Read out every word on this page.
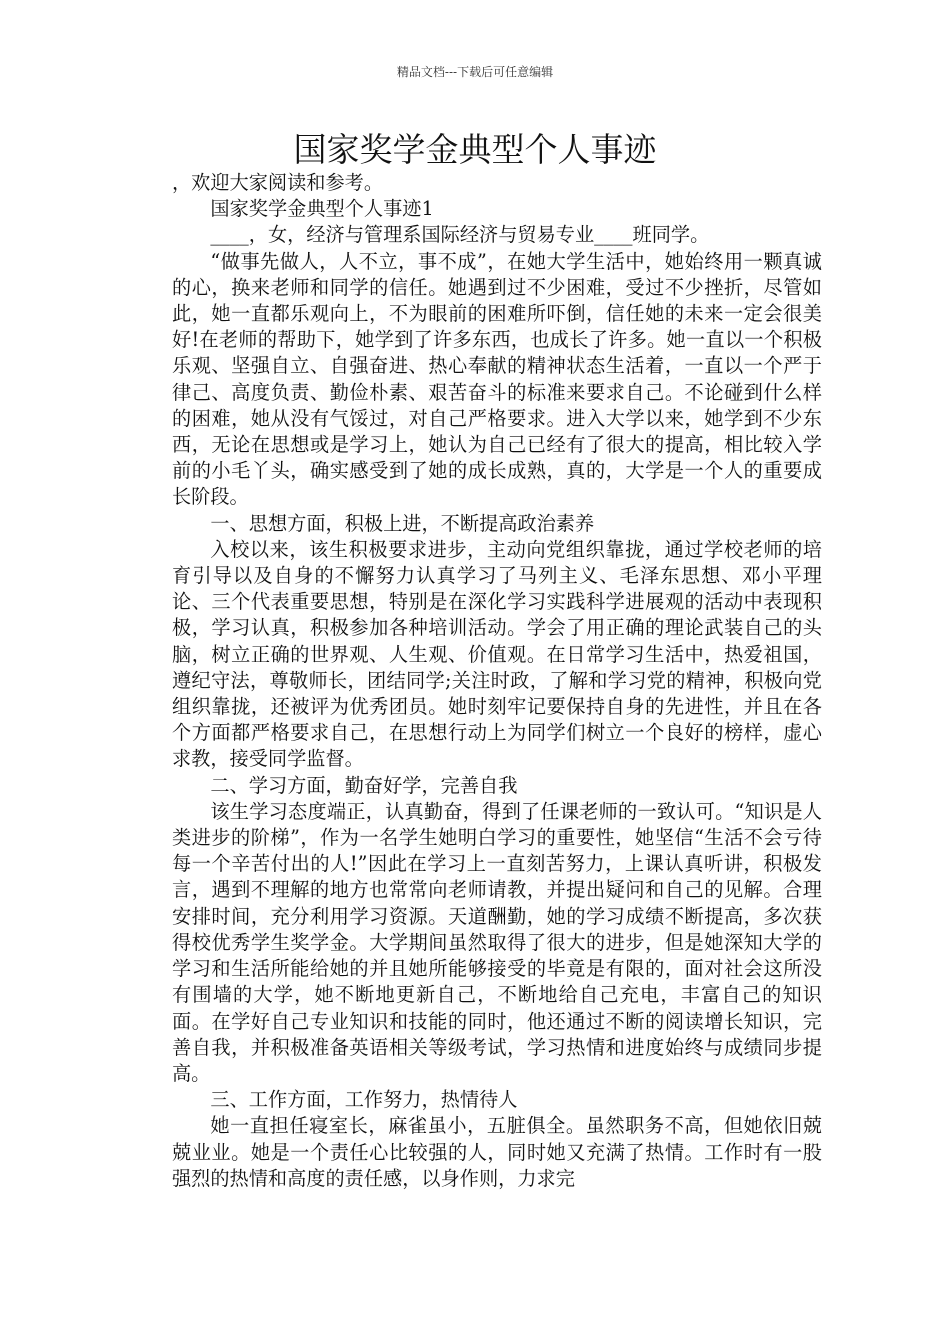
精品文档---下载后可任意编辑
国家奖学金典型个人事迹

，欢迎大家阅读和参考。

国家奖学金典型个人事迹1

____，女，经济与管理系国际经济与贸易专业____班同学。

“做事先做人，人不立，事不成”，在她大学生活中，她始终用一颗真诚的心，换来老师和同学的信任。她遇到过不少困难，受过不少挫折，尽管如此，她一直都乐观向上，不为眼前的困难所吓倒，信任她的未来一定会很美好!在老师的帮助下，她学到了许多东西，也成长了许多。她一直以一个积极乐观、坚强自立、自强奋进、热心奉献的精神状态生活着，一直以一个严于律己、高度负责、勤俭朴素、艰苦奋斗的标准来要求自己。不论碰到什么样的困难，她从没有气馁过，对自己严格要求。进入大学以来，她学到不少东西，无论在思想或是学习上，她认为自己已经有了很大的提高，相比较入学前的小毛丫头，确实感受到了她的成长成熟，真的，大学是一个人的重要成长阶段。

一、思想方面，积极上进，不断提高政治素养

入校以来，该生积极要求进步，主动向党组织靠拢，通过学校老师的培育引导以及自身的不懈努力认真学习了马列主义、毛泽东思想、邓小平理论、三个代表重要思想，特别是在深化学习实践科学进展观的活动中表现积极，学习认真，积极参加各种培训活动。学会了用正确的理论武装自己的头脑，树立正确的世界观、人生观、价值观。在日常学习生活中，热爱祖国，遵纪守法，尊敬师长，团结同学;关注时政，了解和学习党的精神，积极向党组织靠拢，还被评为优秀团员。她时刻牢记要保持自身的先进性，并且在各个方面都严格要求自己，在思想行动上为同学们树立一个良好的榜样，虚心求教，接受同学监督。

二、学习方面，勤奋好学，完善自我

该生学习态度端正，认真勤奋，得到了任课老师的一致认可。“知识是人类进步的阶梯”，作为一名学生她明白学习的重要性，她坚信“生活不会亏待每一个辛苦付出的人!”因此在学习上一直刻苦努力，上课认真听讲，积极发言，遇到不理解的地方也常常向老师请教，并提出疑问和自己的见解。合理安排时间，充分利用学习资源。天道酬勤，她的学习成绩不断提高，多次获得校优秀学生奖学金。大学期间虽然取得了很大的进步，但是她深知大学的学习和生活所能给她的并且她所能够接受的毕竟是有限的，面对社会这所没有围墙的大学，她不断地更新自己，不断地给自己充电，丰富自己的知识面。在学好自己专业知识和技能的同时，他还通过不断的阅读增长知识，完善自我，并积极准备英语相关等级考试，学习热情和进度始终与成绩同步提高。

三、工作方面，工作努力，热情待人

她一直担任寝室长，麻雀虽小，五脏俱全。虽然职务不高，但她依旧兢兢业业。她是一个责任心比较强的人，同时她又充满了热情。工作时有一股强烈的热情和高度的责任感，以身作则，力求完
